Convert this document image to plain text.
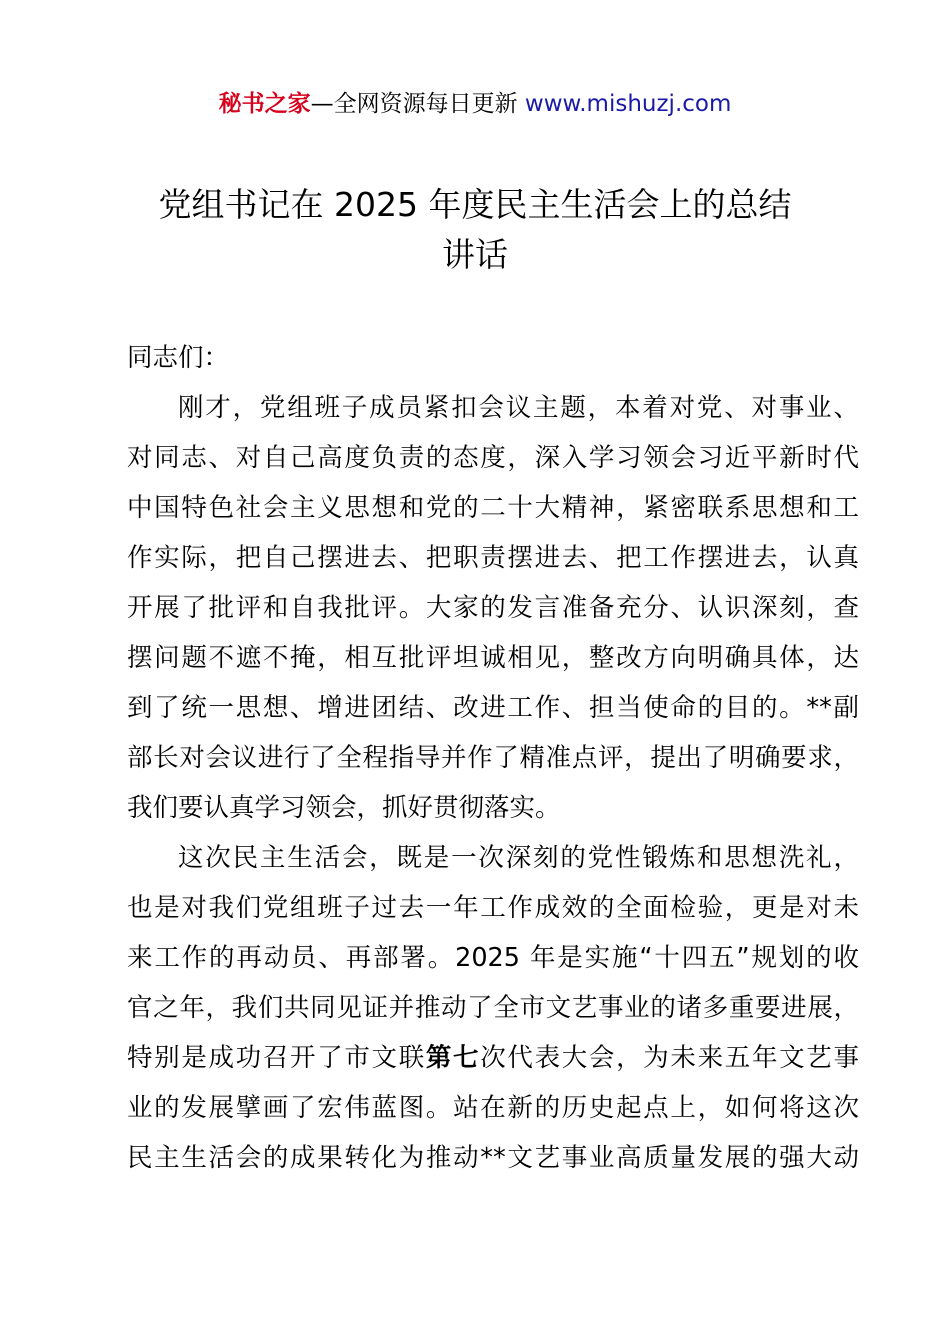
秘书之家—全网资源每日更新 www.mishuzj.com
党组书记在 2025 年度民主生活会上的总结
讲话
同志们：
刚才，党组班子成员紧扣会议主题，本着对党、对事业、
对同志、对自己高度负责的态度，深入学习领会习近平新时代
中国特色社会主义思想和党的二十大精神，紧密联系思想和工
作实际，把自己摆进去、把职责摆进去、把工作摆进去，认真
开展了批评和自我批评。大家的发言准备充分、认识深刻，查
摆问题不遮不掩，相互批评坦诚相见，整改方向明确具体，达
到了统一思想、增进团结、改进工作、担当使命的目的。**副
部长对会议进行了全程指导并作了精准点评，提出了明确要求，
我们要认真学习领会，抓好贯彻落实。
这次民主生活会，既是一次深刻的党性锻炼和思想洗礼，
也是对我们党组班子过去一年工作成效的全面检验，更是对未
来工作的再动员、再部署。2025 年是实施“十四五”规划的收
官之年，我们共同见证并推动了全市文艺事业的诸多重要进展，
特别是成功召开了市文联第七次代表大会，为未来五年文艺事
业的发展擘画了宏伟蓝图。站在新的历史起点上，如何将这次
民主生活会的成果转化为推动**文艺事业高质量发展的强大动
